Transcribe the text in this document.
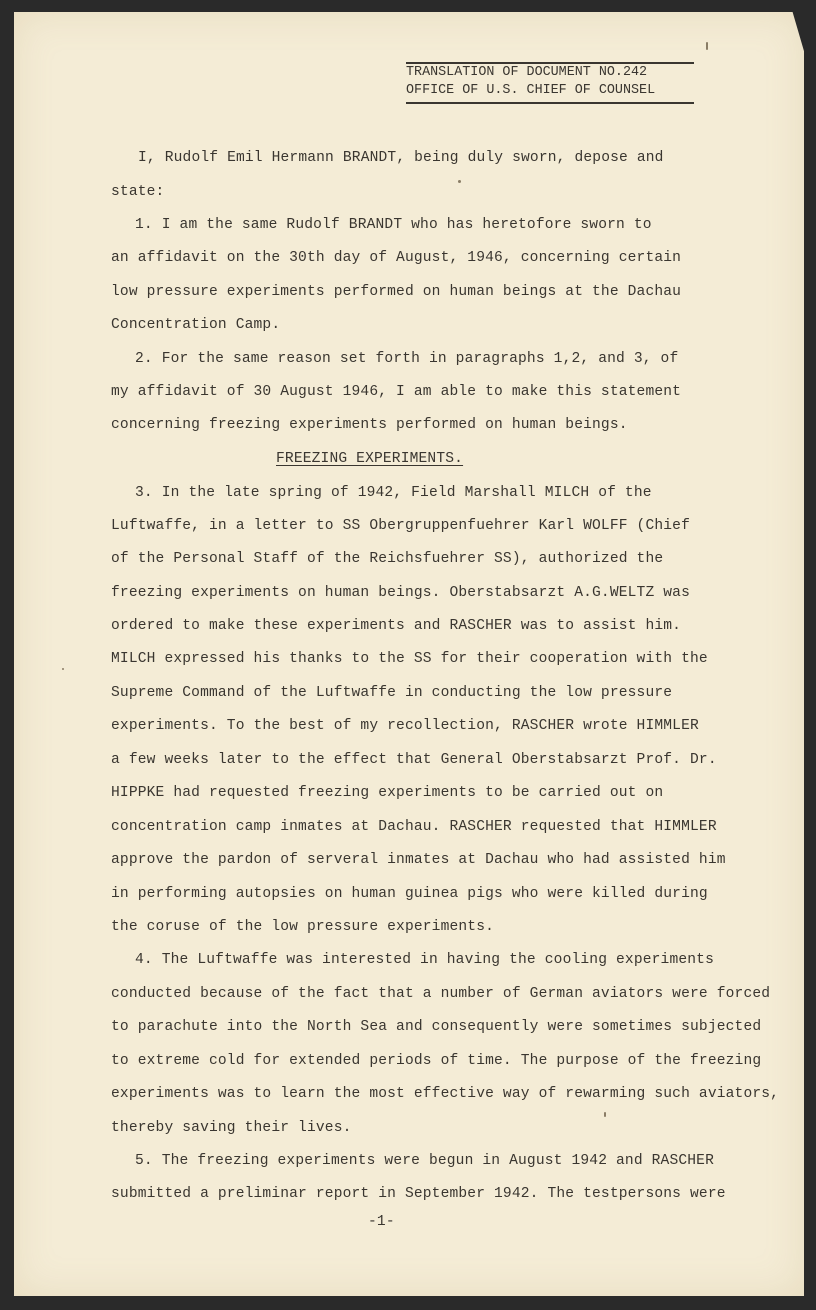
TRANSLATION OF DOCUMENT NO.242
OFFICE OF U.S. CHIEF OF COUNSEL
I, Rudolf Emil Hermann BRANDT, being duly sworn, depose and
state:
1. I am the same Rudolf BRANDT who has heretofore sworn to
an affidavit on the 30th day of August, 1946, concerning certain
low pressure experiments performed on human beings at the Dachau
Concentration Camp.
2. For the same reason set forth in paragraphs 1,2, and 3, of
my affidavit of 30 August 1946, I am able to make this statement
concerning freezing experiments performed on human beings.
FREEZING EXPERIMENTS.
3. In the late spring of 1942, Field Marshall MILCH of the
Luftwaffe, in a letter to SS Obergruppenfuehrer Karl WOLFF (Chief
of the Personal Staff of the Reichsfuehrer SS), authorized the
freezing experiments on human beings. Oberstabsarzt A.G.WELTZ was
ordered to make these experiments and RASCHER was to assist him.
MILCH expressed his thanks to the SS for their cooperation with the
Supreme Command of the Luftwaffe in conducting the low pressure
experiments. To the best of my recollection, RASCHER wrote HIMMLER
a few weeks later to the effect that General Oberstabsarzt Prof. Dr.
HIPPKE had requested freezing experiments to be carried out on
concentration camp inmates at Dachau. RASCHER requested that HIMMLER
approve the pardon of serveral inmates at Dachau who had assisted him
in performing autopsies on human guinea pigs who were killed during
the coruse of the low pressure experiments.
4. The Luftwaffe was interested in having the cooling experiments
conducted because of the fact that a number of German aviators were forced
to parachute into the North Sea and consequently were sometimes subjected
to extreme cold for extended periods of time. The purpose of the freezing
experiments was to learn the most effective way of rewarming such aviators,
thereby saving their lives.
5. The freezing experiments were begun in August 1942 and RASCHER
submitted a preliminar report in September 1942. The testpersons were
-1-
